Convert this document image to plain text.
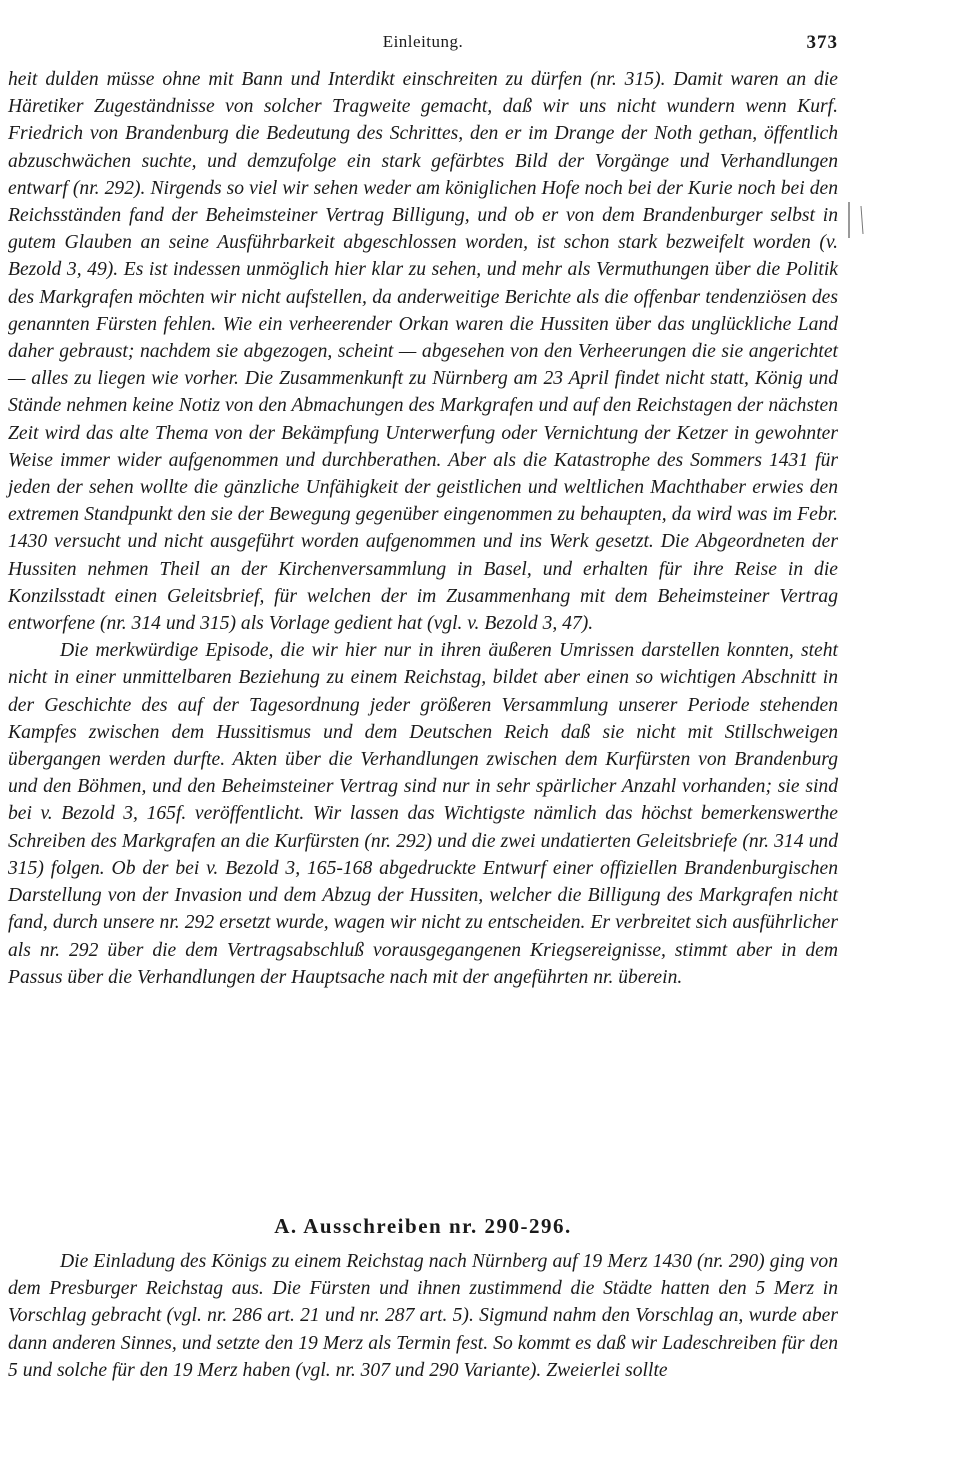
Einleitung.	373

heit dulden müsse ohne mit Bann und Interdikt einschreiten zu dürfen (nr. 315). Damit waren an die Häretiker Zugeständnisse von solcher Tragweite gemacht, daß wir uns nicht wundern wenn Kurf. Friedrich von Brandenburg die Bedeutung des Schrittes, den er im Drange der Noth gethan, öffentlich abzuschwächen suchte, und demzufolge ein stark gefärbtes Bild der Vorgänge und Verhandlungen entwarf (nr. 292). Nirgends so viel wir sehen weder am königlichen Hofe noch bei der Kurie noch bei den Reichsständen fand der Beheimsteiner Vertrag Billigung, und ob er von dem Brandenburger selbst in gutem Glauben an seine Ausführbarkeit abgeschlossen worden, ist schon stark bezweifelt worden (v. Bezold 3, 49). Es ist indessen unmöglich hier klar zu sehen, und mehr als Vermuthungen über die Politik des Markgrafen möchten wir nicht aufstellen, da anderweitige Berichte als die offenbar tendenziösen des genannten Fürsten fehlen. Wie ein verheerender Orkan waren die Hussiten über das unglückliche Land daher gebraust; nachdem sie abgezogen, scheint — abgesehen von den Verheerungen die sie angerichtet — alles zu liegen wie vorher. Die Zusammenkunft zu Nürnberg am 23 April findet nicht statt, König und Stände nehmen keine Notiz von den Abmachungen des Markgrafen und auf den Reichstagen der nächsten Zeit wird das alte Thema von der Bekämpfung Unterwerfung oder Vernichtung der Ketzer in gewohnter Weise immer wider aufgenommen und durchberathen. Aber als die Katastrophe des Sommers 1431 für jeden der sehen wollte die gänzliche Unfähigkeit der geistlichen und weltlichen Machthaber erwies den extremen Standpunkt den sie der Bewegung gegenüber eingenommen zu behaupten, da wird was im Febr. 1430 versucht und nicht ausgeführt worden aufgenommen und ins Werk gesetzt. Die Abgeordneten der Hussiten nehmen Theil an der Kirchenversammlung in Basel, und erhalten für ihre Reise in die Konzilsstadt einen Geleitsbrief, für welchen der im Zusammenhang mit dem Beheimsteiner Vertrag entworfene (nr. 314 und 315) als Vorlage gedient hat (vgl. v. Bezold 3, 47).

Die merkwürdige Episode, die wir hier nur in ihren äußeren Umrissen darstellen konnten, steht nicht in einer unmittelbaren Beziehung zu einem Reichstag, bildet aber einen so wichtigen Abschnitt in der Geschichte des auf der Tagesordnung jeder größeren Versammlung unserer Periode stehenden Kampfes zwischen dem Hussitismus und dem Deutschen Reich daß sie nicht mit Stillschweigen übergangen werden durfte. Akten über die Verhandlungen zwischen dem Kurfürsten von Brandenburg und den Böhmen, und den Beheimsteiner Vertrag sind nur in sehr spärlicher Anzahl vorhanden; sie sind bei v. Bezold 3, 165f. veröffentlicht. Wir lassen das Wichtigste nämlich das höchst bemerkenswerthe Schreiben des Markgrafen an die Kurfürsten (nr. 292) und die zwei undatierten Geleitsbriefe (nr. 314 und 315) folgen. Ob der bei v. Bezold 3, 165-168 abgedruckte Entwurf einer offiziellen Brandenburgischen Darstellung von der Invasion und dem Abzug der Hussiten, welcher die Billigung des Markgrafen nicht fand, durch unsere nr. 292 ersetzt wurde, wagen wir nicht zu entscheiden. Er verbreitet sich ausführlicher als nr. 292 über die dem Vertragsabschluß vorausgegangenen Kriegsereignisse, stimmt aber in dem Passus über die Verhandlungen der Hauptsache nach mit der angeführten nr. überein.

A. Ausschreiben nr. 290-296.

Die Einladung des Königs zu einem Reichstag nach Nürnberg auf 19 Merz 1430 (nr. 290) ging von dem Presburger Reichstag aus. Die Fürsten und ihnen zustimmend die Städte hatten den 5 Merz in Vorschlag gebracht (vgl. nr. 286 art. 21 und nr. 287 art. 5). Sigmund nahm den Vorschlag an, wurde aber dann anderen Sinnes, und setzte den 19 Merz als Termin fest. So kommt es daß wir Ladeschreiben für den 5 und solche für den 19 Merz haben (vgl. nr. 307 und 290 Variante). Zweierlei sollte
